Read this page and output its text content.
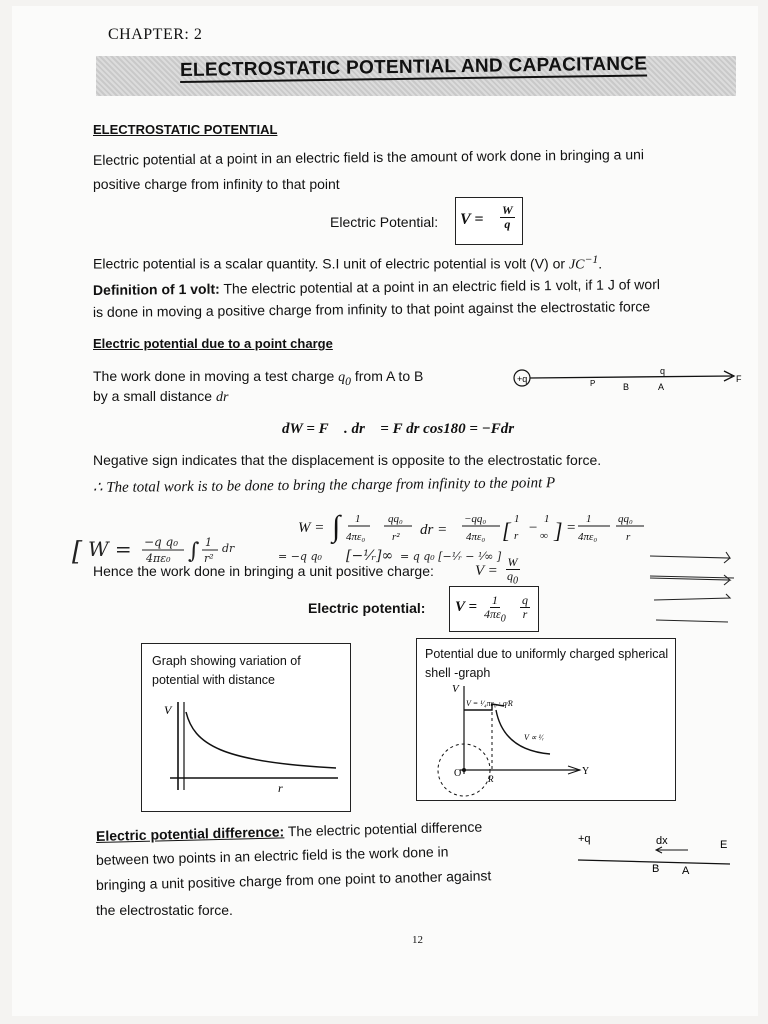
CHAPTER: 2
ELECTROSTATIC POTENTIAL AND CAPACITANCE
ELECTROSTATIC POTENTIAL
Electric potential at a point in an electric field is the amount of work done in bringing a uni
positive charge from infinity to that point
Electric Potential: $V = \frac{W}{q}$
Electric potential is a scalar quantity. S.I unit of electric potential is volt (V) or $JC^{-1}$.
Definition of 1 volt: The electric potential at a point in an electric field is 1 volt, if 1 J of worl
is done in moving a positive charge from infinity to that point against the electrostatic force
Electric potential due to a point charge
The work done in moving a test charge $q_0$ from A to B
by a small distance dr
+q	P	B	A
q
F
dW = F⃗ . dr⃗ = F dr cos180 = −Fdr
Negative sign indicates that the displacement is opposite to the electrostatic force.
∴ The total work is to be done to bring the charge from infinity to the point P
W = ∫ 1
4πε₀
qq₀
r² dr =
−qq₀
4πε₀ [ 1
r −
1
∞ ] =
1
4πε₀
qq₀
r
[ W = −q q₀
4πε₀ ∫ 1
r²
dr
= −q q₀ [−¹⁄ᵣ]∞ = q q₀ [−¹⁄ᵣ − ¹⁄∞ ]
Hence the work done in bringing a unit positive charge:	$V = \frac{W}{q_0}$
Electric potential: $V = \frac{1}{4\pi\varepsilon_0} \frac{q}{r}$
Graph showing variation of potential with distance
V
r
Potential due to uniformly charged spherical shell -graph
V
O	R
Y
V = ¹⁄₄πε₀ · q⁄R
V ∝ ¹⁄ᵣ
Electric potential difference: The electric potential difference
between two points in an electric field is the work done in
bringing a unit positive charge from one point to another against
the electrostatic force.
+q	dx	E
B A
12
